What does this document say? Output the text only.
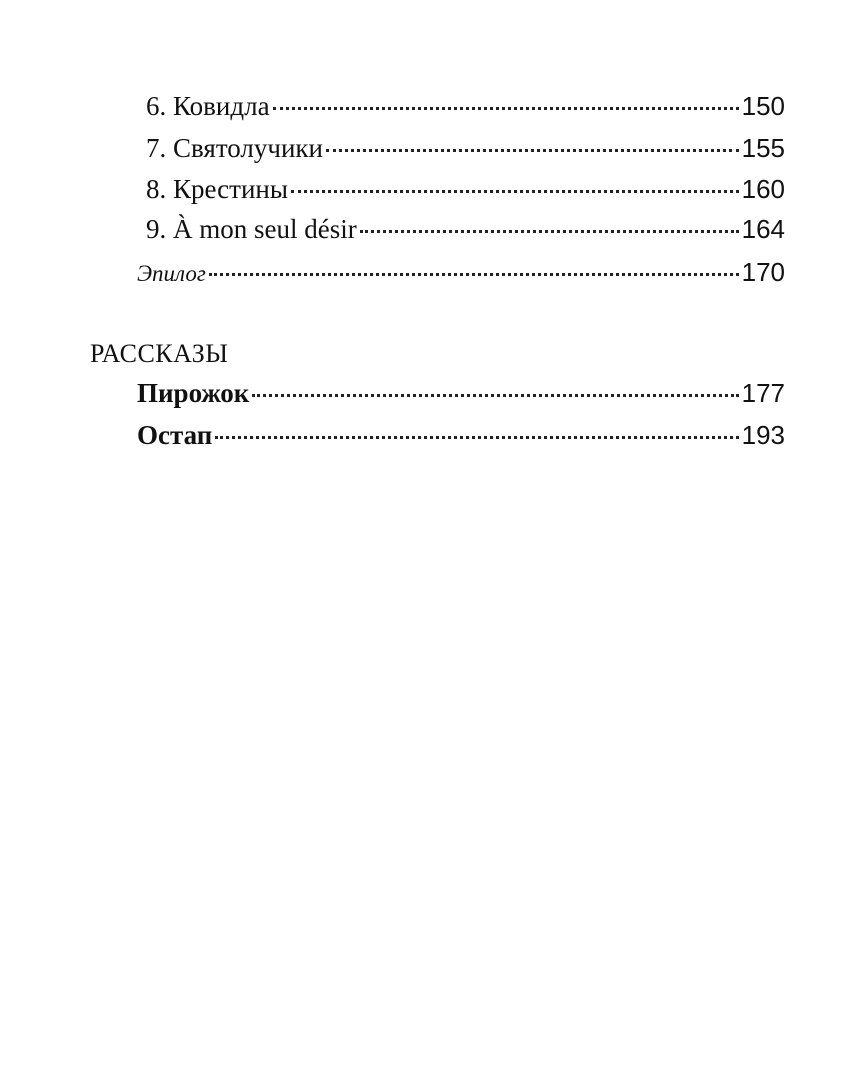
6. Ковидла	150
7. Святолучики	155
8. Крестины	160
9. À mon seul désir	164
Эпилог	170
РАССКАЗЫ
Пирожок	177
Остап	193
